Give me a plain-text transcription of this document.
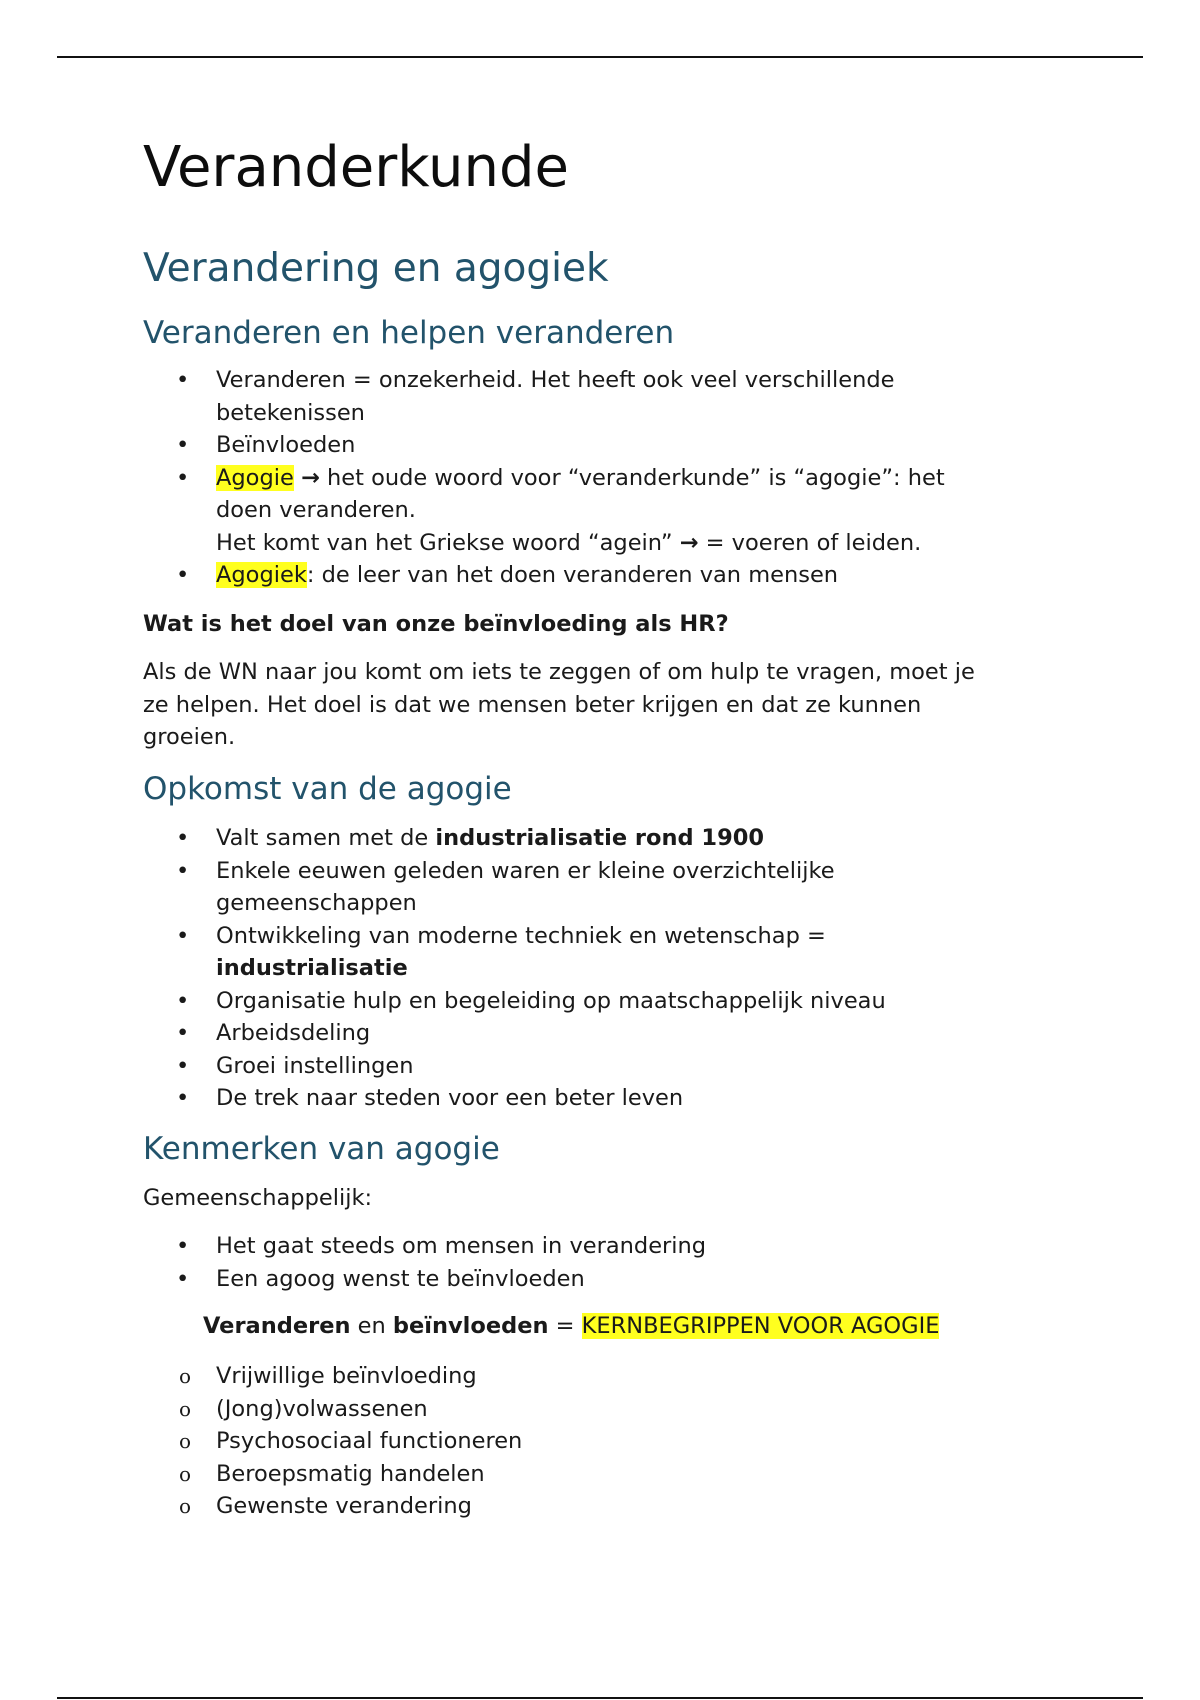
Veranderkunde
Verandering en agogiek
Veranderen en helpen veranderen
• Veranderen = onzekerheid. Het heeft ook veel verschillende
betekenissen
• Beïnvloeden
• Agogie → het oude woord voor “veranderkunde” is “agogie”: het
doen veranderen.
Het komt van het Griekse woord “agein” → = voeren of leiden.
• Agogiek: de leer van het doen veranderen van mensen

Wat is het doel van onze beïnvloeding als HR?

Als de WN naar jou komt om iets te zeggen of om hulp te vragen, moet je
ze helpen. Het doel is dat we mensen beter krijgen en dat ze kunnen
groeien.

Opkomst van de agogie
• Valt samen met de industrialisatie rond 1900
• Enkele eeuwen geleden waren er kleine overzichtelijke
gemeenschappen
• Ontwikkeling van moderne techniek en wetenschap =
industrialisatie
• Organisatie hulp en begeleiding op maatschappelijk niveau
• Arbeidsdeling
• Groei instellingen
• De trek naar steden voor een beter leven
Kenmerken van agogie

Gemeenschappelijk:

• Het gaat steeds om mensen in verandering
• Een agoog wenst te beïnvloeden

Veranderen en beïnvloeden = KERNBEGRIPPEN VOOR AGOGIE

o	Vrijwillige beïnvloeding
o	(Jong)volwassenen
o	Psychosociaal functioneren
o	Beroepsmatig handelen
o	Gewenste verandering
